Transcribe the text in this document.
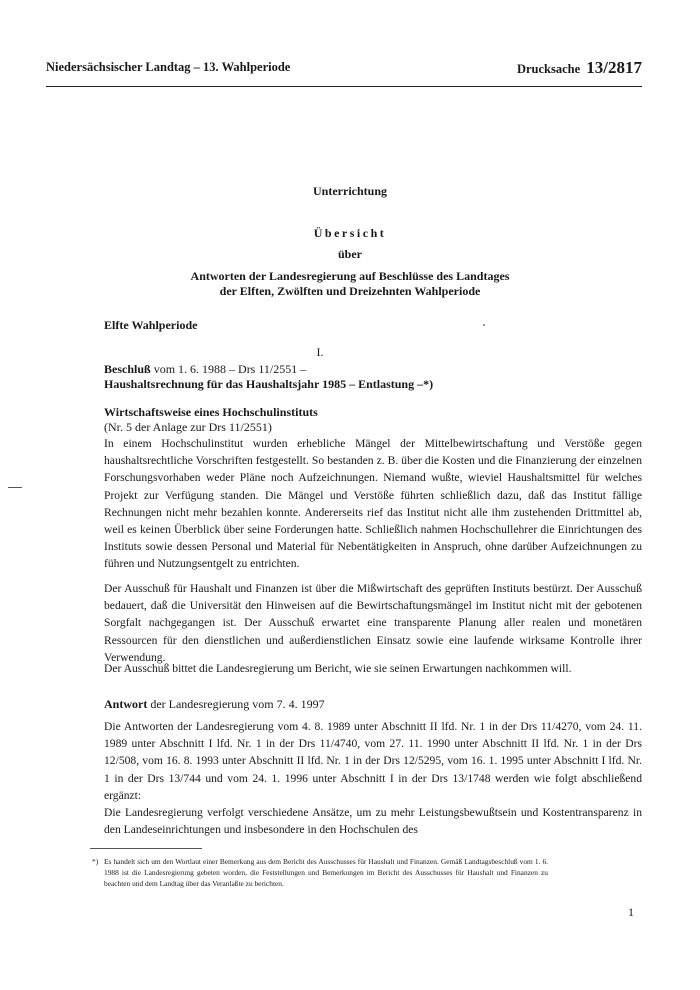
Niedersächsischer Landtag – 13. Wahlperiode	Drucksache 13/2817
Unterrichtung
Übersicht
über
Antworten der Landesregierung auf Beschlüsse des Landtages
der Elften, Zwölften und Dreizehnten Wahlperiode
Elfte Wahlperiode
I.
Beschluß vom 1. 6. 1988 – Drs 11/2551 –
Haushaltsrechnung für das Haushaltsjahr 1985 – Entlastung –*)
Wirtschaftsweise eines Hochschulinstituts
(Nr. 5 der Anlage zur Drs 11/2551)
In einem Hochschulinstitut wurden erhebliche Mängel der Mittelbewirtschaftung und Verstöße gegen haushaltsrechtliche Vorschriften festgestellt. So bestanden z. B. über die Kosten und die Finanzierung der einzelnen Forschungsvorhaben weder Pläne noch Aufzeichnungen. Niemand wußte, wieviel Haushaltsmittel für welches Projekt zur Verfügung standen. Die Mängel und Verstöße führten schließlich dazu, daß das Institut fällige Rechnungen nicht mehr bezahlen konnte. Andererseits rief das Institut nicht alle ihm zustehenden Drittmittel ab, weil es keinen Überblick über seine Forderungen hatte. Schließlich nahmen Hochschullehrer die Einrichtungen des Instituts sowie dessen Personal und Material für Nebentätigkeiten in Anspruch, ohne darüber Aufzeichnungen zu führen und Nutzungsentgelt zu entrichten.
Der Ausschuß für Haushalt und Finanzen ist über die Mißwirtschaft des geprüften Instituts bestürzt. Der Ausschuß bedauert, daß die Universität den Hinweisen auf die Bewirtschaftungsmängel im Institut nicht mit der gebotenen Sorgfalt nachgegangen ist. Der Ausschuß erwartet eine transparente Planung aller realen und monetären Ressourcen für den dienstlichen und außerdienstlichen Einsatz sowie eine laufende wirksame Kontrolle ihrer Verwendung.
Der Ausschuß bittet die Landesregierung um Bericht, wie sie seinen Erwartungen nachkommen will.
Antwort der Landesregierung vom 7. 4. 1997
Die Antworten der Landesregierung vom 4. 8. 1989 unter Abschnitt II lfd. Nr. 1 in der Drs 11/4270, vom 24. 11. 1989 unter Abschnitt I lfd. Nr. 1 in der Drs 11/4740, vom 27. 11. 1990 unter Abschnitt II lfd. Nr. 1 in der Drs 12/508, vom 16. 8. 1993 unter Abschnitt II lfd. Nr. 1 in der Drs 12/5295, vom 16. 1. 1995 unter Abschnitt I lfd. Nr. 1 in der Drs 13/744 und vom 24. 1. 1996 unter Abschnitt I in der Drs 13/1748 werden wie folgt abschließend ergänzt:
Die Landesregierung verfolgt verschiedene Ansätze, um zu mehr Leistungsbewußtsein und Kostentransparenz in den Landeseinrichtungen und insbesondere in den Hochschulen des
*) Es handelt sich um den Wortlaut einer Bemerkung aus dem Bericht des Ausschusses für Haushalt und Finanzen. Gemäß Landtagsbeschluß vom 1. 6. 1988 ist die Landesregierung gebeten worden, die Feststellungen und Bemerkungen im Bericht des Ausschusses für Haushalt und Finanzen zu beachten und dem Landtag über das Veranlaßte zu berichten.
1
